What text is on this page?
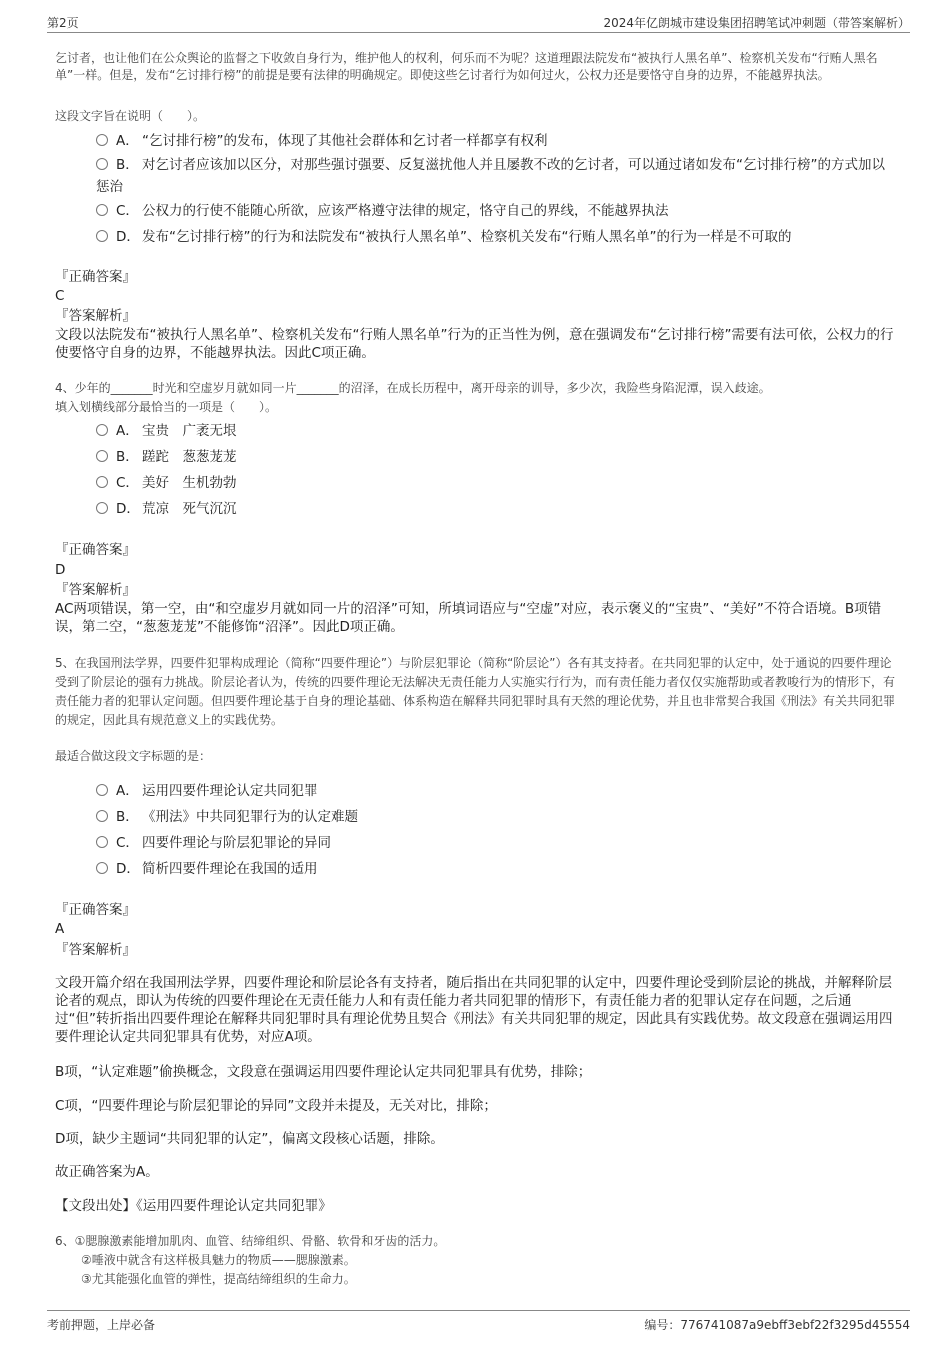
第2页	2024年亿朗城市建设集团招聘笔试冲刺题（带答案解析）
乞讨者，也让他们在公众舆论的监督之下收敛自身行为，维护他人的权利，何乐而不为呢？这道理跟法院发布“被执行人黑名单”、检察机关发布“行贿人黑名单”一样。但是，发布“乞讨排行榜”的前提是要有法律的明确规定。即使这些乞讨者行为如何过火，公权力还是要恪守自身的边界，不能越界执法。
这段文字旨在说明（　　）。
A． “乞讨排行榜”的发布，体现了其他社会群体和乞讨者一样都享有权利
B． 对乞讨者应该加以区分，对那些强讨强要、反复滋扰他人并且屡教不改的乞讨者，可以通过诸如发布“乞讨排行榜”的方式加以惩治
C． 公权力的行使不能随心所欲，应该严格遵守法律的规定，恪守自己的界线，不能越界执法
D． 发布“乞讨排行榜”的行为和法院发布“被执行人黑名单”、检察机关发布“行贿人黑名单”的行为一样是不可取的
『正确答案』
C
『答案解析』
文段以法院发布“被执行人黑名单”、检察机关发布“行贿人黑名单”行为的正当性为例，意在强调发布“乞讨排行榜”需要有法可依，公权力的行使要恪守自身的边界，不能越界执法。因此C项正确。
4、少年的_______时光和空虚岁月就如同一片_______的沼泽，在成长历程中，离开母亲的训导，多少次，我险些身陷泥潭，误入歧途。
填入划横线部分最恰当的一项是（　　）。
A． 宝贵　广袤无垠
B． 蹉跎　葱葱茏茏
C． 美好　生机勃勃
D． 荒凉　死气沉沉
『正确答案』
D
『答案解析』
AC两项错误，第一空，由“和空虚岁月就如同一片的沼泽”可知，所填词语应与“空虚”对应，表示褒义的“宝贵”、“美好”不符合语境。B项错误，第二空，“葱葱茏茏”不能修饰“沼泽”。因此D项正确。
5、在我国刑法学界，四要件犯罪构成理论（简称“四要件理论”）与阶层犯罪论（简称“阶层论”）各有其支持者。在共同犯罪的认定中，处于通说的四要件理论受到了阶层论的强有力挑战。阶层论者认为，传统的四要件理论无法解决无责任能力人实施实行行为，而有责任能力者仅仅实施帮助或者教唆行为的情形下，有责任能力者的犯罪认定问题。但四要件理论基于自身的理论基础、体系构造在解释共同犯罪时具有天然的理论优势，并且也非常契合我国《刑法》有关共同犯罪的规定，因此具有规范意义上的实践优势。
最适合做这段文字标题的是：
A． 运用四要件理论认定共同犯罪
B． 《刑法》中共同犯罪行为的认定难题
C． 四要件理论与阶层犯罪论的异同
D． 简析四要件理论在我国的适用
『正确答案』
A
『答案解析』
文段开篇介绍在我国刑法学界，四要件理论和阶层论各有支持者，随后指出在共同犯罪的认定中，四要件理论受到阶层论的挑战，并解释阶层论者的观点，即认为传统的四要件理论在无责任能力人和有责任能力者共同犯罪的情形下，有责任能力者的犯罪认定存在问题，之后通过“但”转折指出四要件理论在解释共同犯罪时具有理论优势且契合《刑法》有关共同犯罪的规定，因此具有实践优势。故文段意在强调运用四要件理论认定共同犯罪具有优势，对应A项。
B项，“认定难题”偷换概念，文段意在强调运用四要件理论认定共同犯罪具有优势，排除；
C项，“四要件理论与阶层犯罪论的异同”文段并未提及，无关对比，排除；
D项，缺少主题词“共同犯罪的认定”，偏离文段核心话题，排除。
故正确答案为A。
【文段出处】《运用四要件理论认定共同犯罪》
6、①腮腺激素能增加肌肉、血管、结缔组织、骨骼、软骨和牙齿的活力。
②唾液中就含有这样极具魅力的物质——腮腺激素。
③尤其能强化血管的弹性，提高结缔组织的生命力。
考前押题，上岸必备	编号：776741087a9ebff3ebf22f3295d45554
